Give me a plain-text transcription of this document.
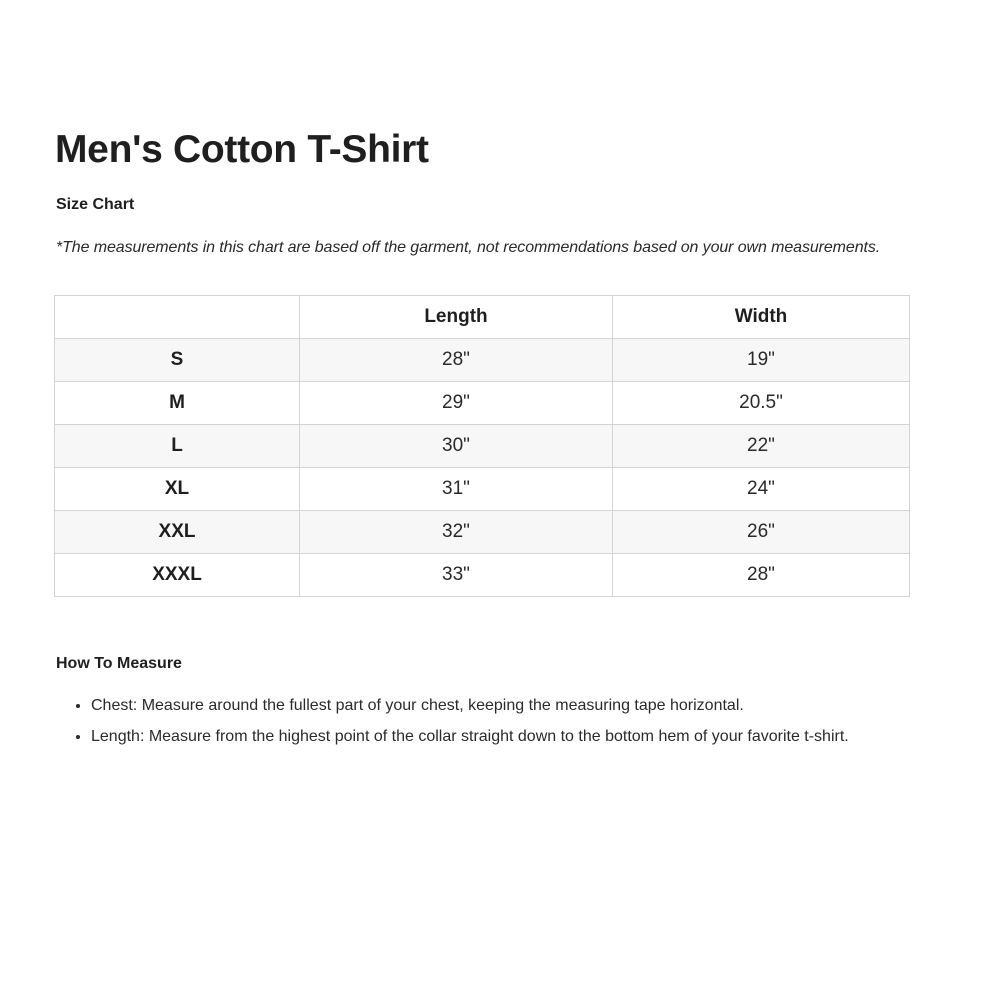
Men's Cotton T-Shirt

Size Chart

*The measurements in this chart are based off the garment, not recommendations based on your own measurements.

	Length	Width
S	28"	19"
M	29"	20.5"
L	30"	22"
XL	31"	24"
XXL	32"	26"
XXXL	33"	28"

How To Measure

• Chest: Measure around the fullest part of your chest, keeping the measuring tape horizontal.
• Length: Measure from the highest point of the collar straight down to the bottom hem of your favorite t-shirt.
